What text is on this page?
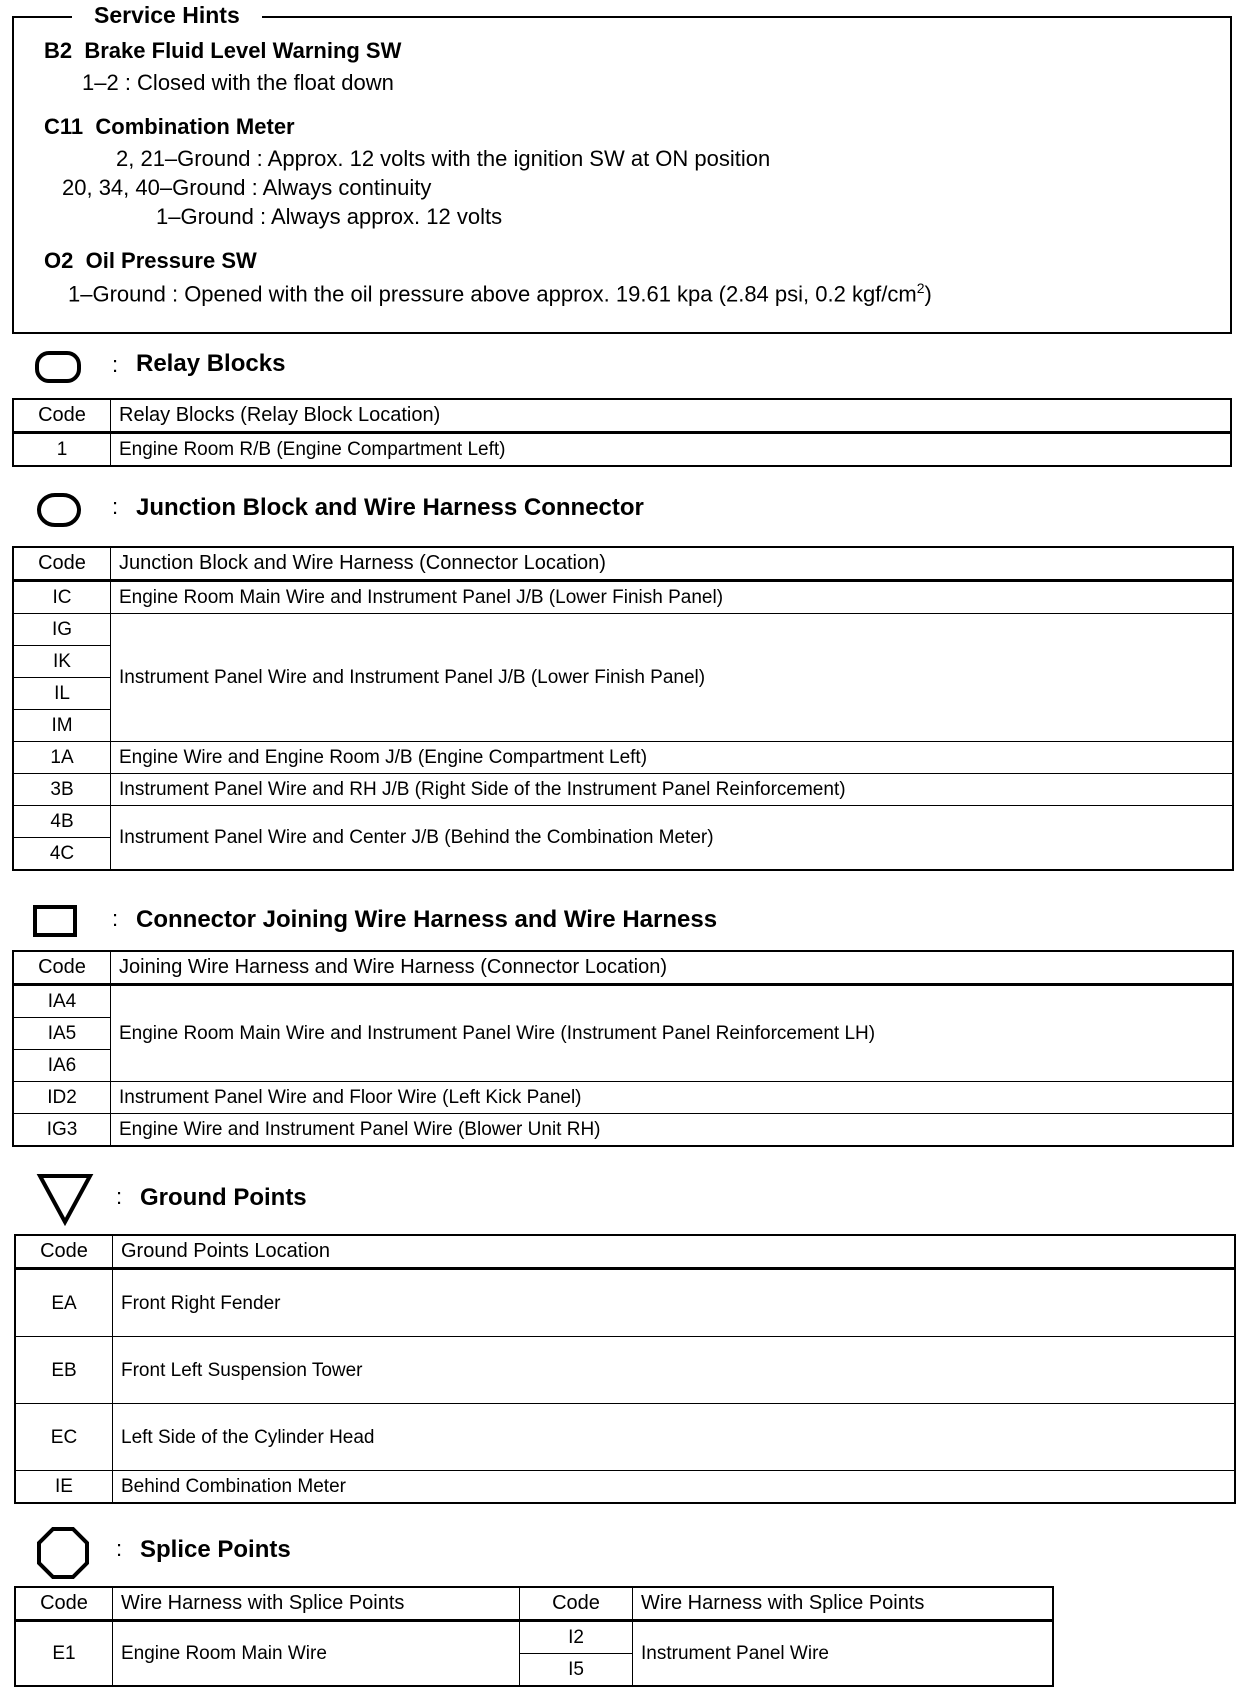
Service Hints
B2 Brake Fluid Level Warning SW
1–2 : Closed with the float down
C11 Combination Meter
2, 21–Ground : Approx. 12 volts with the ignition SW at ON position
20, 34, 40–Ground : Always continuity
1–Ground : Always approx. 12 volts
O2 Oil Pressure SW
1–Ground : Opened with the oil pressure above approx. 19.61 kpa (2.84 psi, 0.2 kgf/$cm^2$)
: Relay Blocks
Code	Relay Blocks (Relay Block Location)
1	Engine Room R/B (Engine Compartment Left)
: Junction Block and Wire Harness Connector
Code	Junction Block and Wire Harness (Connector Location)
IC	Engine Room Main Wire and Instrument Panel J/B (Lower Finish Panel)
IG	Instrument Panel Wire and Instrument Panel J/B (Lower Finish Panel)
IK	
IL	
IM	
1A	Engine Wire and Engine Room J/B (Engine Compartment Left)
3B	Instrument Panel Wire and RH J/B (Right Side of the Instrument Panel Reinforcement)
4B	Instrument Panel Wire and Center J/B (Behind the Combination Meter)
4C	
: Connector Joining Wire Harness and Wire Harness
Code	Joining Wire Harness and Wire Harness (Connector Location)
IA4	Engine Room Main Wire and Instrument Panel Wire (Instrument Panel Reinforcement LH)
IA5	
IA6	
ID2	Instrument Panel Wire and Floor Wire (Left Kick Panel)
IG3	Engine Wire and Instrument Panel Wire (Blower Unit RH)
: Ground Points
Code	Ground Points Location
EA	Front Right Fender
EB	Front Left Suspension Tower
EC	Left Side of the Cylinder Head
IE	Behind Combination Meter
: Splice Points
Code	Wire Harness with Splice Points	Code	Wire Harness with Splice Points
E1	Engine Room Main Wire	I2	Instrument Panel Wire
		I5	
